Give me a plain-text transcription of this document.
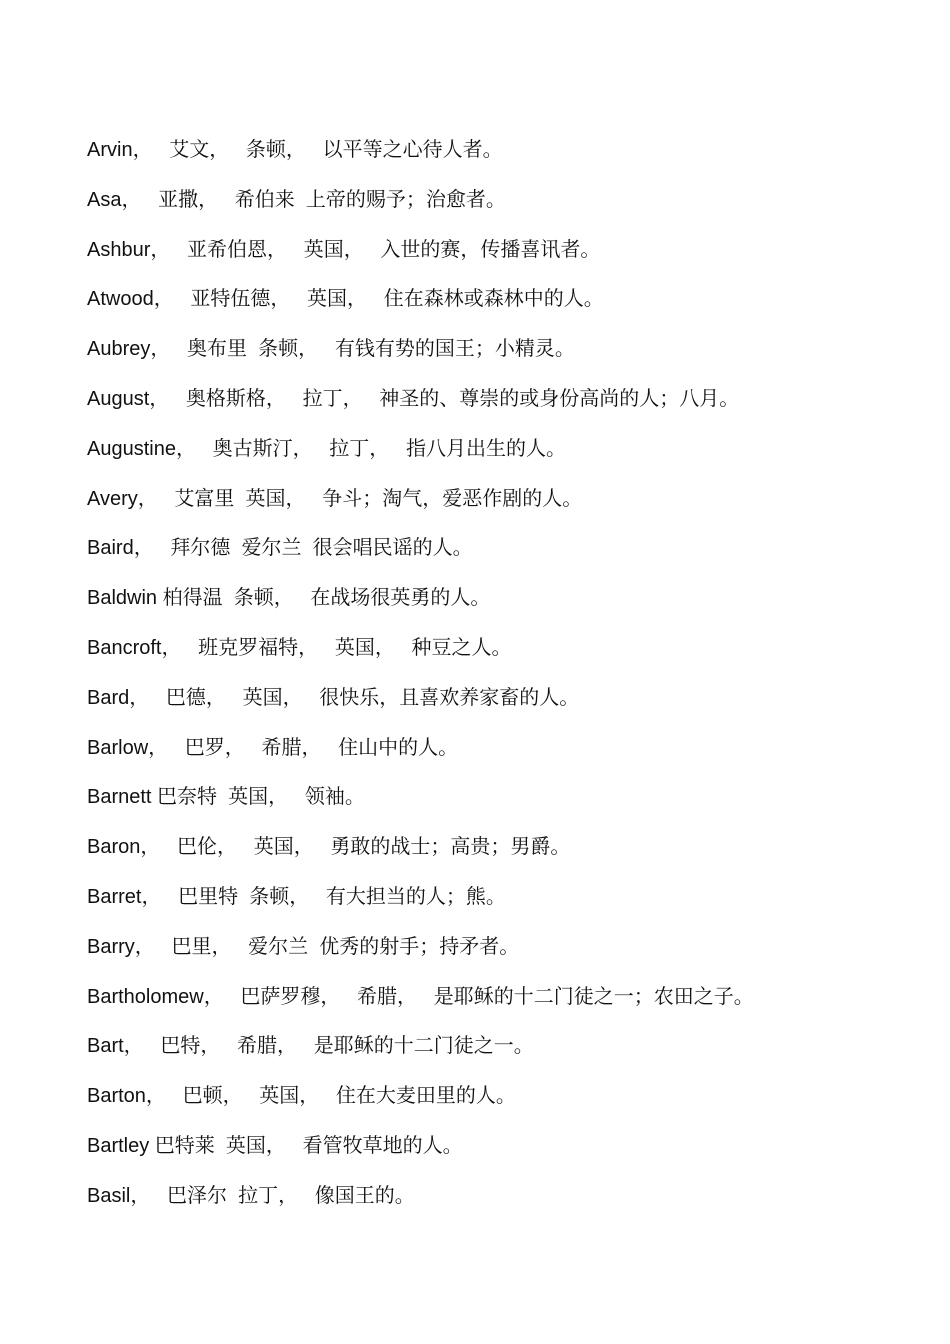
Arvin，   艾文，   条顿，   以平等之心待人者。
Asa，   亚撒，   希伯来  上帝的赐予；治愈者。
Ashbur，   亚希伯恩，   英国，   入世的赛，传播喜讯者。
Atwood，   亚特伍德，   英国，   住在森林或森林中的人。
Aubrey，   奥布里  条顿，   有钱有势的国王；小精灵。
August，   奥格斯格，   拉丁，   神圣的、尊崇的或身份高尚的人；八月。
Augustine，   奥古斯汀，   拉丁，   指八月出生的人。
Avery，   艾富里  英国，   争斗；淘气，爱恶作剧的人。
Baird，   拜尔德  爱尔兰  很会唱民谣的人。
Baldwin 柏得温  条顿，   在战场很英勇的人。
Bancroft，   班克罗福特，   英国，   种豆之人。
Bard，   巴德，   英国，   很快乐，且喜欢养家畜的人。
Barlow，   巴罗，   希腊，   住山中的人。
Barnett 巴奈特  英国，   领袖。
Baron，   巴伦，   英国，   勇敢的战士；高贵；男爵。
Barret，   巴里特  条顿，   有大担当的人；熊。
Barry，   巴里，   爱尔兰  优秀的射手；持矛者。
Bartholomew，   巴萨罗穆，   希腊，   是耶稣的十二门徒之一；农田之子。
Bart，   巴特，   希腊，   是耶稣的十二门徒之一。
Barton，   巴顿，   英国，   住在大麦田里的人。
Bartley 巴特莱  英国，   看管牧草地的人。
Basil，   巴泽尔  拉丁，   像国王的。
